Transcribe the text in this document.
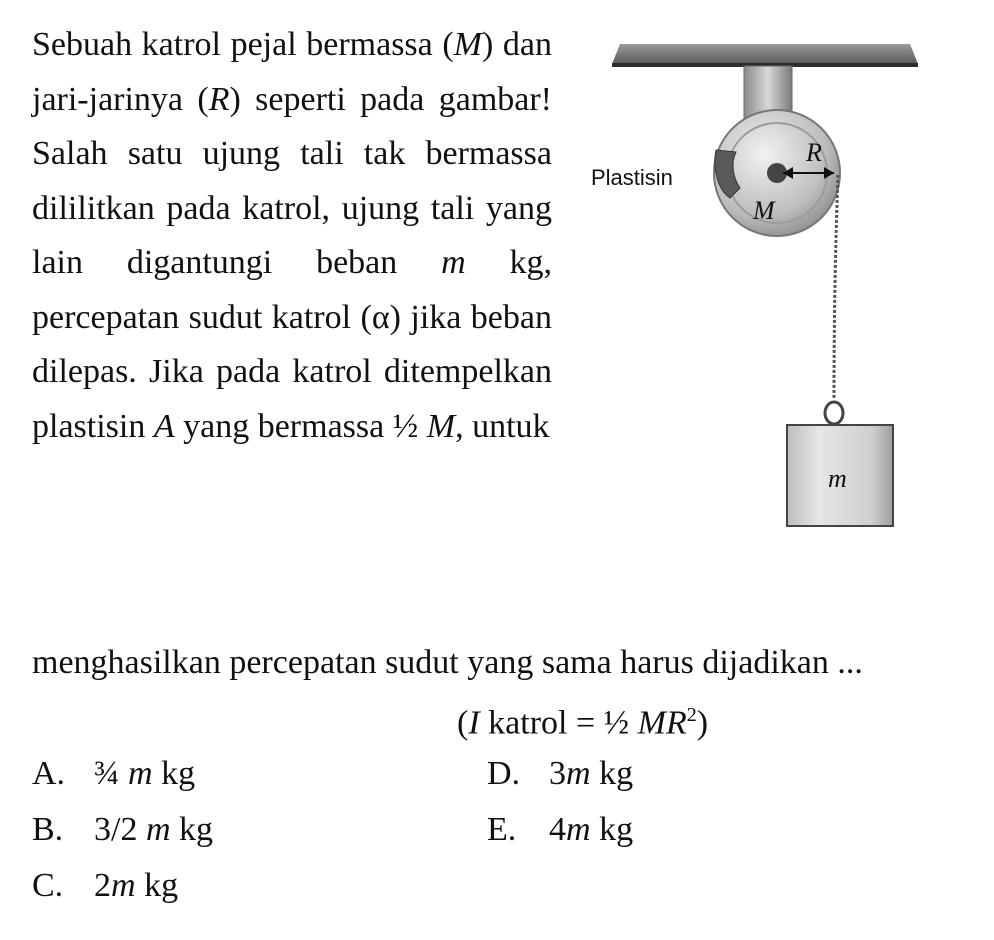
Sebuah katrol pejal bermassa (M) dan jari-jarinya (R) seperti pada gambar! Salah satu ujung tali tak bermassa dililitkan pada katrol, ujung tali yang lain digantungi beban m kg, percepatan sudut katrol (α) jika beban dilepas. Jika pada katrol ditempelkan plastisin A yang bermassa ½ M, untuk
menghasilkan percepatan sudut yang sama harus dijadikan ...
(I katrol = ½ $MR^2$)
A. ¾ m kg
B. 3/2 m kg
C. 2m kg
D. 3m kg
E. 4m kg
Plastisin
R
M
m
